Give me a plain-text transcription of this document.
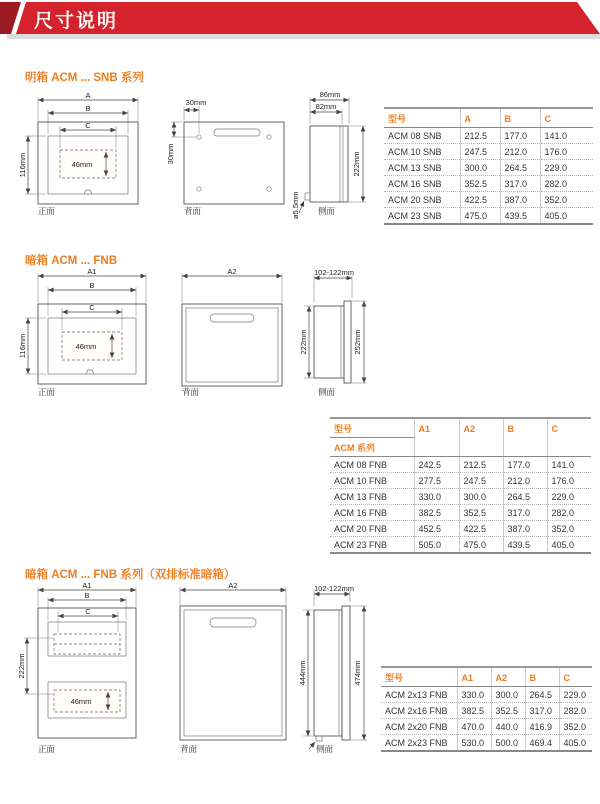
尺寸说明
明箱 ACM ... SNB 系列
A
B
C
116mm	46mm
正面
30mm
30mm
背面
86mm
82mm
222mm
ø5.5mm 侧面
型号	A	B	C
ACM 08 SNB	212.5	177.0	141.0
ACM 10 SNB	247.5	212.0	176.0
ACM 13 SNB	300.0	264.5	229.0
ACM 16 SNB	352.5	317.0	282.0
ACM 20 SNB	422.5	387.0	352.0
ACM 23 SNB	475.0	439.5	405.0
暗箱 ACM ... FNB
A1
B
C
116mm	46mm
正面
A2
背面
102-122mm
222mm	252mm
侧面
型号	A1	A2	B	C
ACM 系列				
ACM 08 FNB	242.5	212.5	177.0	141.0
ACM 10 FNB	277.5	247.5	212.0	176.0
ACM 13 FNB	330.0	300.0	264.5	229.0
ACM 16 FNB	382.5	352.5	317.0	282.0
ACM 20 FNB	452.5	422.5	387.0	352.0
ACM 23 FNB	505.0	475.0	439.5	405.0
暗箱 ACM ... FNB 系列（双排标准暗箱）
A1
B
C
46mm
222mm
正面
A2
背面
102-122mm
444mm	474mm
侧面
型号	A1	A2	B	C
ACM 2x13 FNB	330.0	300.0	264.5	229.0
ACM 2x16 FNB	382.5	352.5	317.0	282.0
ACM 2x20 FNB	470.0	440.0	416.9	352.0
ACM 2x23 FNB	530.0	500.0	469.4	405.0
